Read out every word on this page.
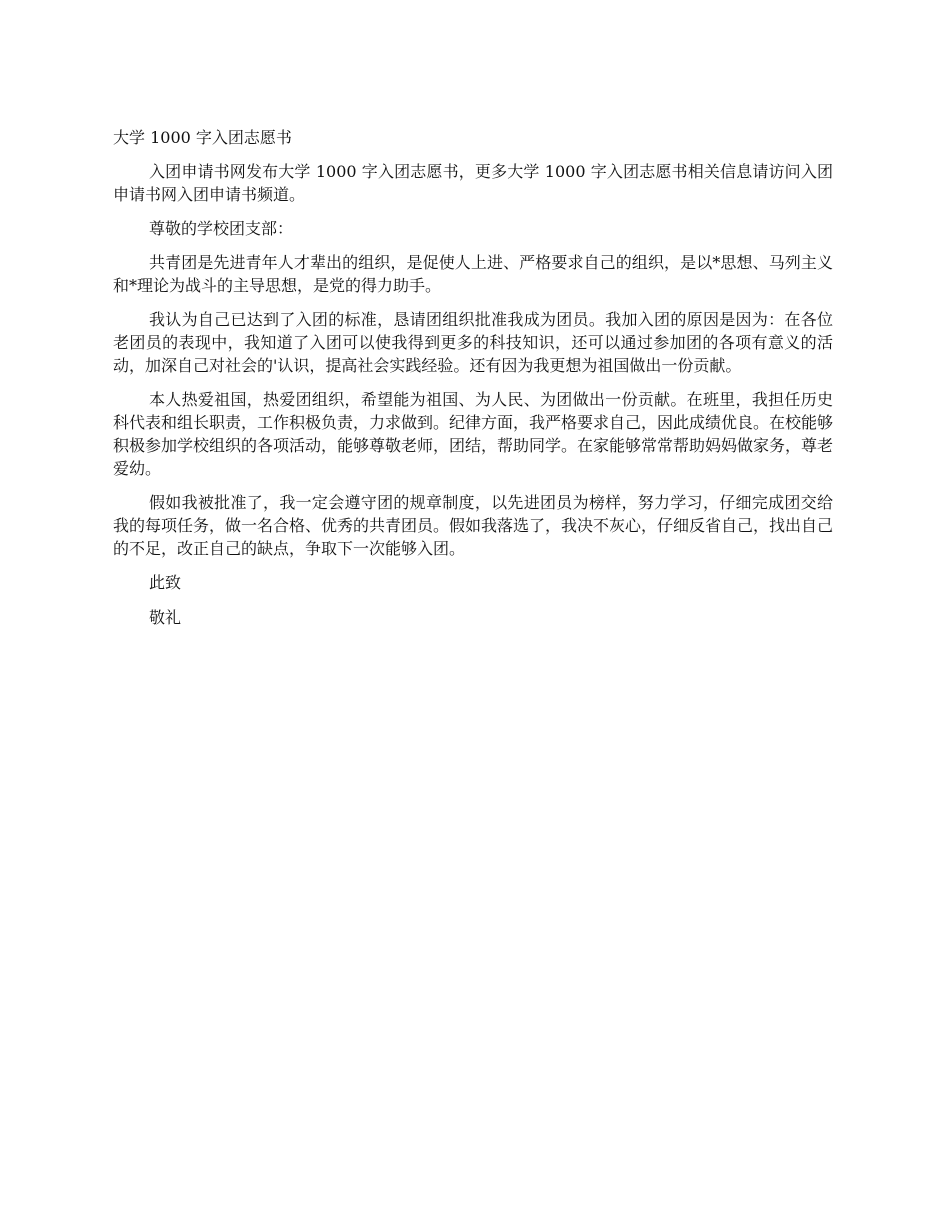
大学 1000 字入团志愿书

入团申请书网发布大学 1000 字入团志愿书，更多大学 1000 字入团志愿书相关信息请访问入团申请书网入团申请书频道。

尊敬的学校团支部：

共青团是先进青年人才辈出的组织，是促使人上进、严格要求自己的组织，是以*思想、马列主义和*理论为战斗的主导思想，是党的得力助手。

我认为自己已达到了入团的标准，恳请团组织批准我成为团员。我加入团的原因是因为：在各位老团员的表现中，我知道了入团可以使我得到更多的科技知识，还可以通过参加团的各项有意义的活动，加深自己对社会的'认识，提高社会实践经验。还有因为我更想为祖国做出一份贡献。

本人热爱祖国，热爱团组织，希望能为祖国、为人民、为团做出一份贡献。在班里，我担任历史科代表和组长职责，工作积极负责，力求做到。纪律方面，我严格要求自己，因此成绩优良。在校能够积极参加学校组织的各项活动，能够尊敬老师，团结，帮助同学。在家能够常常帮助妈妈做家务，尊老爱幼。

假如我被批准了，我一定会遵守团的规章制度，以先进团员为榜样，努力学习，仔细完成团交给我的每项任务，做一名合格、优秀的共青团员。假如我落选了，我决不灰心，仔细反省自己，找出自己的不足，改正自己的缺点，争取下一次能够入团。

此致

敬礼
